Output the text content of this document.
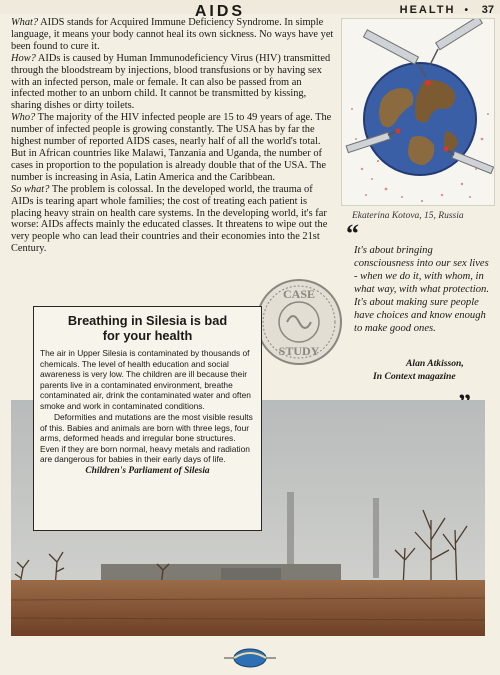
HEALTH •	37
AIDS

What? AIDS stands for Acquired Immune Deficiency Syndrome. In simple language, it means your body cannot heal its own sickness. No ways have yet been found to cure it.

How? AIDs is caused by Human Immunodeficiency Virus (HIV) transmitted through the bloodstream by injections, blood transfusions or by having sex with an infected person, male or female. It can also be passed from an infected mother to an unborn child. It cannot be transmitted by kissing, sharing dishes or dirty toilets.

Who? The majority of the HIV infected people are 15 to 49 years of age. The number of infected people is growing constantly. The USA has by far the highest number of reported AIDS cases, nearly half of all the world's total. But in African countries like Malawi, Tanzania and Uganda, the number of cases in proportion to the population is already double that of the USA. The number is increasing in Asia, Latin America and the Caribbean.

So what? The problem is colossal. In the developed world, the trauma of AIDs is tearing apart whole families; the cost of treating each patient is placing heavy strain on health care systems. In the developing world, it's far worse: AIDs affects mainly the educated classes. It threatens to wipe out the very people who can lead their countries and their economies into the 21st Century.

Ekaterina Kotova, 15, Russia
“
It's about bringing consciousness into our sex lives - when we do it, with whom, in what way, with what protection. It's about making sure people have choices and know enough to make good ones.
Alan Atkisson,
In Context magazine
CASE
STUDY
Breathing in Silesia is bad
for your health

The air in Upper Silesia is contaminated by thousands of chemicals. The level of health education and social awareness is very low. The children are ill because their parents live in a contaminated environment, breathe contaminated air, drink the contaminated water and often smoke and work in contaminated conditions.

Deformities and mutations are the most visible results of this. Babies and animals are born with three legs, four arms, deformed heads and irregular bone structures. Even if they are born normal, heavy metals and radiation are dangerous for babies in their early days of life.

Children's Parliament of Silesia
